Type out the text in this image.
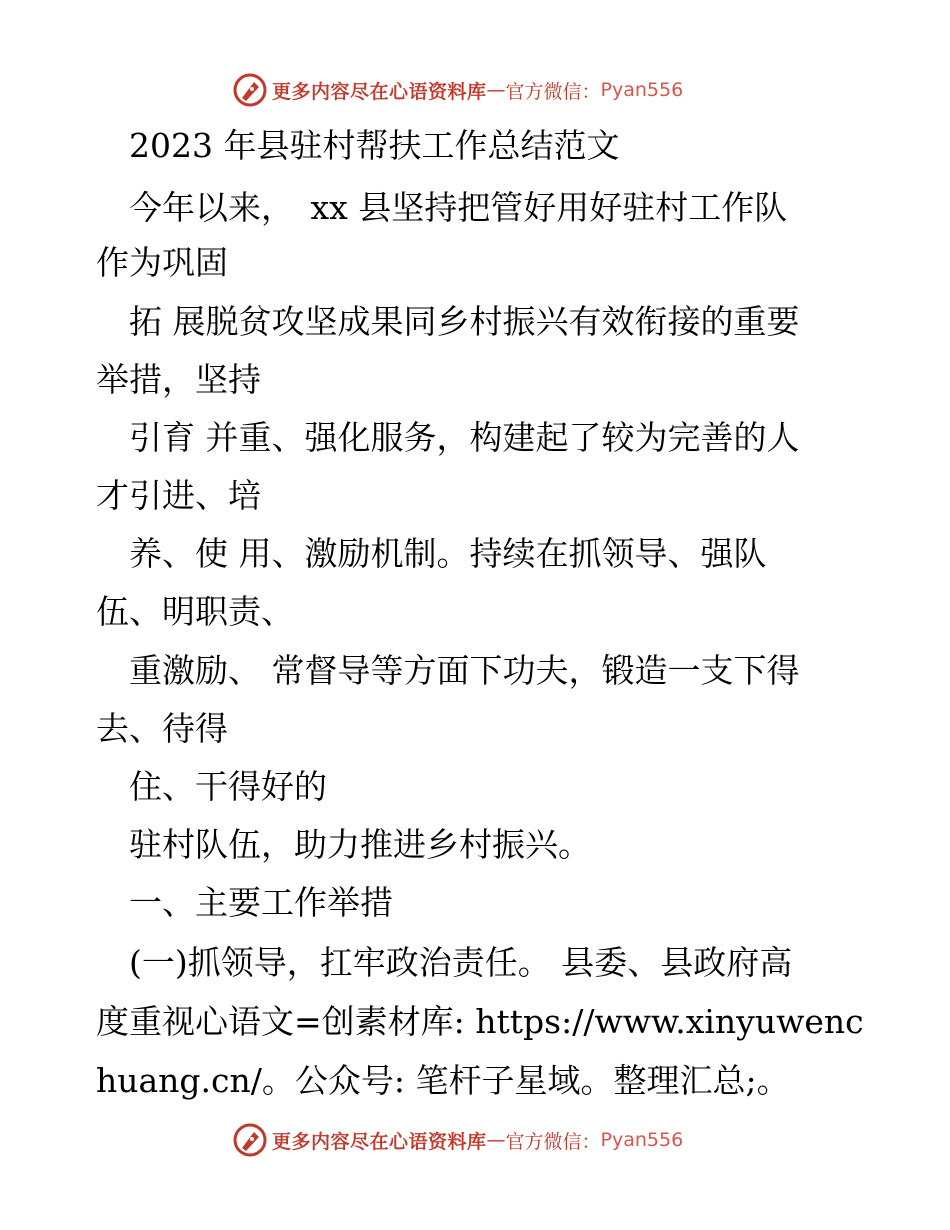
更多内容尽在心语资料库 — 官方微信： Pyan556
　2023 年县驻村帮扶工作总结范文
　今年以来，　xx 县坚持把管好用好驻村工作队
作为巩固
　拓 展脱贫攻坚成果同乡村振兴有效衔接的重要
举措，坚持
　引育 并重、强化服务，构建起了较为完善的人
才引进、培
　养、使 用、激励机制。持续在抓领导、强队
伍、明职责、
　重激励、 常督导等方面下功夫，锻造一支下得
去、待得
　住、干得好的
　驻村队伍，助力推进乡村振兴。
　一、主要工作举措
　(一)抓领导，扛牢政治责任。 县委、县政府高
度重视心语文=创素材库: https://www.xinyuwenc
huang.cn/。公众号: 笔杆子星域。整理汇总;。
更多内容尽在心语资料库 — 官方微信： Pyan556
